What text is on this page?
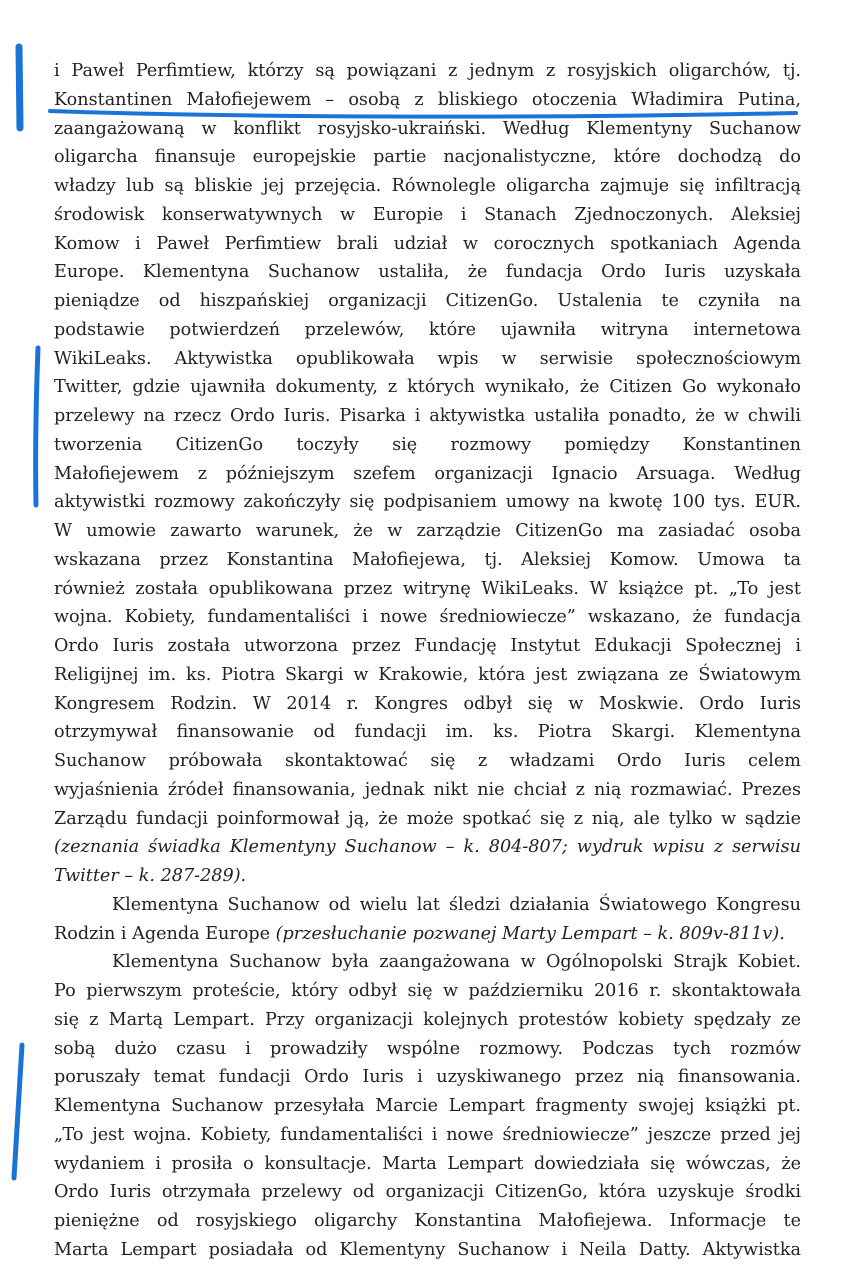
i Paweł Perfimtiew, którzy są powiązani z jednym z rosyjskich oligarchów, tj.
Konstantinen Małofiejewem – osobą z bliskiego otoczenia Władimira Putina,
zaangażowaną w konflikt rosyjsko-ukraiński. Według Klementyny Suchanow
oligarcha finansuje europejskie partie nacjonalistyczne, które dochodzą do
władzy lub są bliskie jej przejęcia. Równolegle oligarcha zajmuje się infiltracją
środowisk konserwatywnych w Europie i Stanach Zjednoczonych. Aleksiej
Komow i Paweł Perfimtiew brali udział w corocznych spotkaniach Agenda
Europe. Klementyna Suchanow ustaliła, że fundacja Ordo Iuris uzyskała
pieniądze od hiszpańskiej organizacji CitizenGo. Ustalenia te czyniła na
podstawie potwierdzeń przelewów, które ujawniła witryna internetowa
WikiLeaks. Aktywistka opublikowała wpis w serwisie społecznościowym
Twitter, gdzie ujawniła dokumenty, z których wynikało, że Citizen Go wykonało
przelewy na rzecz Ordo Iuris. Pisarka i aktywistka ustaliła ponadto, że w chwili
tworzenia CitizenGo toczyły się rozmowy pomiędzy Konstantinen
Małofiejewem z późniejszym szefem organizacji Ignacio Arsuaga. Według
aktywistki rozmowy zakończyły się podpisaniem umowy na kwotę 100 tys. EUR.
W umowie zawarto warunek, że w zarządzie CitizenGo ma zasiadać osoba
wskazana przez Konstantina Małofiejewa, tj. Aleksiej Komow. Umowa ta
również została opublikowana przez witrynę WikiLeaks. W książce pt. „To jest
wojna. Kobiety, fundamentaliści i nowe średniowiecze” wskazano, że fundacja
Ordo Iuris została utworzona przez Fundację Instytut Edukacji Społecznej i
Religijnej im. ks. Piotra Skargi w Krakowie, która jest związana ze Światowym
Kongresem Rodzin. W 2014 r. Kongres odbył się w Moskwie. Ordo Iuris
otrzymywał finansowanie od fundacji im. ks. Piotra Skargi. Klementyna
Suchanow próbowała skontaktować się z władzami Ordo Iuris celem
wyjaśnienia źródeł finansowania, jednak nikt nie chciał z nią rozmawiać. Prezes
Zarządu fundacji poinformował ją, że może spotkać się z nią, ale tylko w sądzie
(zeznania świadka Klementyny Suchanow – k. 804-807; wydruk wpisu z serwisu
Twitter – k. 287-289).
Klementyna Suchanow od wielu lat śledzi działania Światowego Kongresu
Rodzin i Agenda Europe (przesłuchanie pozwanej Marty Lempart – k. 809v-811v).
Klementyna Suchanow była zaangażowana w Ogólnopolski Strajk Kobiet.
Po pierwszym proteście, który odbył się w październiku 2016 r. skontaktowała
się z Martą Lempart. Przy organizacji kolejnych protestów kobiety spędzały ze
sobą dużo czasu i prowadziły wspólne rozmowy. Podczas tych rozmów
poruszały temat fundacji Ordo Iuris i uzyskiwanego przez nią finansowania.
Klementyna Suchanow przesyłała Marcie Lempart fragmenty swojej książki pt.
„To jest wojna. Kobiety, fundamentaliści i nowe średniowiecze” jeszcze przed jej
wydaniem i prosiła o konsultacje. Marta Lempart dowiedziała się wówczas, że
Ordo Iuris otrzymała przelewy od organizacji CitizenGo, która uzyskuje środki
pieniężne od rosyjskiego oligarchy Konstantina Małofiejewa. Informacje te
Marta Lempart posiadała od Klementyny Suchanow i Neila Datty. Aktywistka
